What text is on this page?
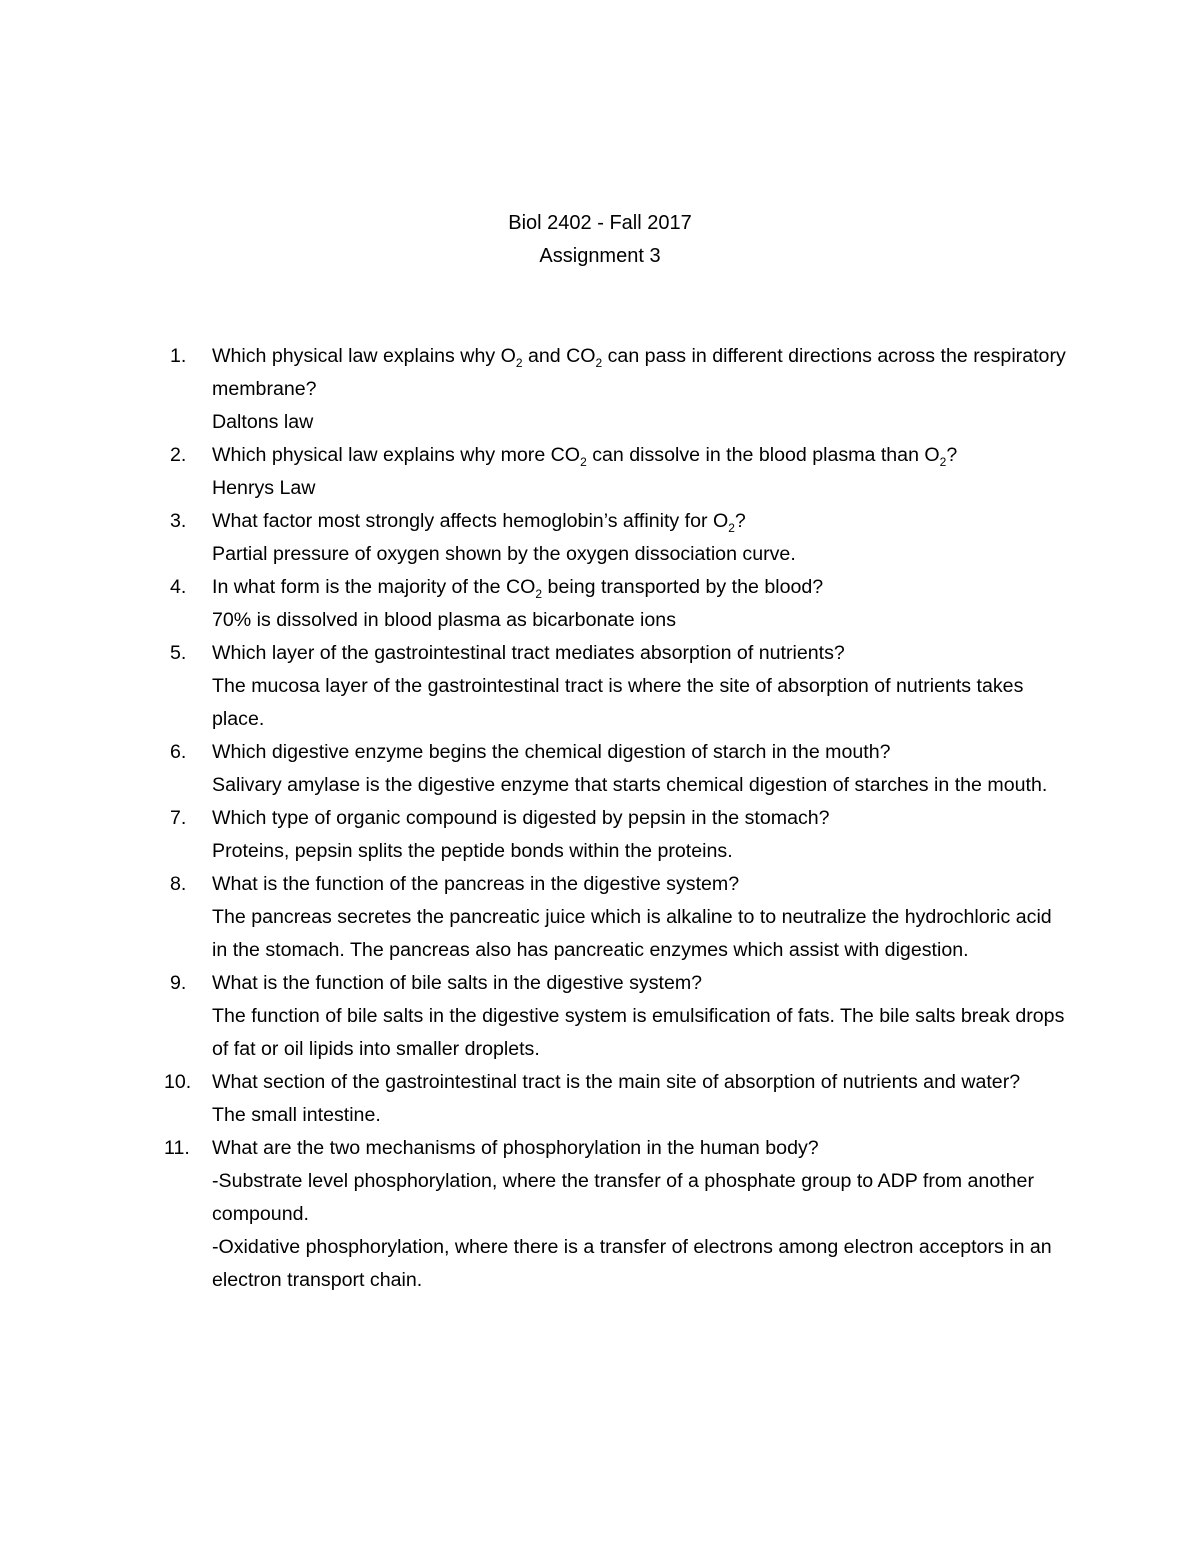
Biol 2402 - Fall 2017
Assignment 3
1.	Which physical law explains why $O_2$ and $CO_2$ can pass in different directions across the respiratory membrane?
Daltons law
2.	Which physical law explains why more $CO_2$ can dissolve in the blood plasma than $O_2$?
Henrys Law
3.	What factor most strongly affects hemoglobin’s affinity for $O_2$?
Partial pressure of oxygen shown by the oxygen dissociation curve.
4.	In what form is the majority of the $CO_2$ being transported by the blood?
70% is dissolved in blood plasma as bicarbonate ions
5.	Which layer of the gastrointestinal tract mediates absorption of nutrients?
The mucosa layer of the gastrointestinal tract is where the site of absorption of nutrients takes place.
6.	Which digestive enzyme begins the chemical digestion of starch in the mouth?
Salivary amylase is the digestive enzyme that starts chemical digestion of starches in the mouth.
7.	Which type of organic compound is digested by pepsin in the stomach?
Proteins, pepsin splits the peptide bonds within the proteins.
8.	What is the function of the pancreas in the digestive system?
The pancreas secretes the pancreatic juice which is alkaline to to neutralize the hydrochloric acid in the stomach. The pancreas also has pancreatic enzymes which assist with digestion.
9.	What is the function of bile salts in the digestive system?
The function of bile salts in the digestive system is emulsification of fats. The bile salts break drops of fat or oil lipids into smaller droplets.
10.	What section of the gastrointestinal tract is the main site of absorption of nutrients and water?
The small intestine.
11.	What are the two mechanisms of phosphorylation in the human body?
-Substrate level phosphorylation, where the transfer of a phosphate group to ADP from another compound.
-Oxidative phosphorylation, where there is a transfer of electrons among electron acceptors in an electron transport chain.
